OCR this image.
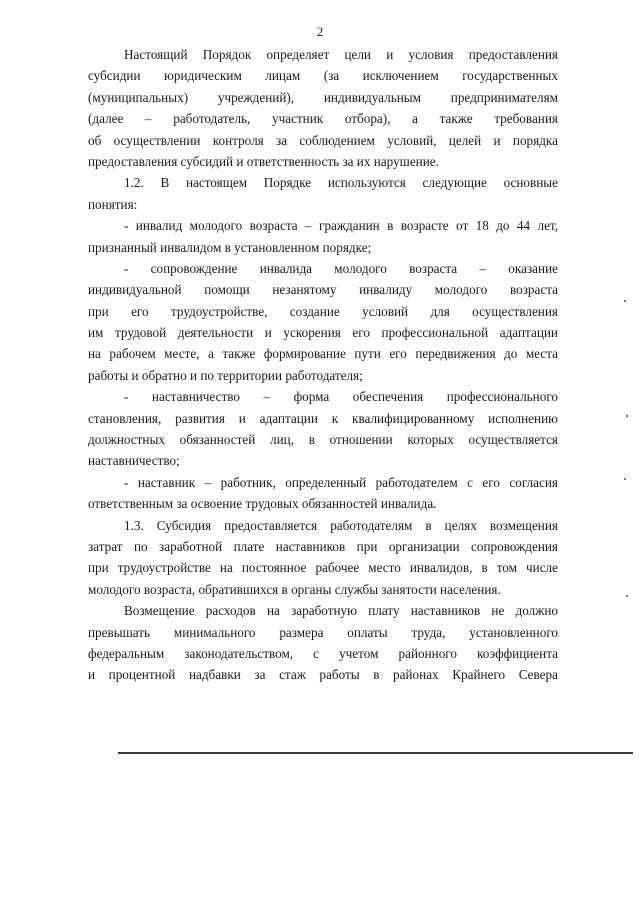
2
Настоящий Порядок определяет цели и условия предоставления
субсидии юридическим лицам (за исключением государственных
(муниципальных) учреждений), индивидуальным предпринимателям
(далее – работодатель, участник отбора), а также требования
об осуществлении контроля за соблюдением условий, целей и порядка
предоставления субсидий и ответственность за их нарушение.
1.2. В настоящем Порядке используются следующие основные
понятия:
- инвалид молодого возраста – гражданин в возрасте от 18 до 44 лет,
признанный инвалидом в установленном порядке;
- сопровождение инвалида молодого возраста – оказание
индивидуальной помощи незанятому инвалиду молодого возраста
при его трудоустройстве, создание условий для осуществления
им трудовой деятельности и ускорения его профессиональной адаптации
на рабочем месте, а также формирование пути его передвижения до места
работы и обратно и по территории работодателя;
- наставничество – форма обеспечения профессионального
становления, развития и адаптации к квалифицированному исполнению
должностных обязанностей лиц, в отношении которых осуществляется
наставничество;
- наставник – работник, определенный работодателем с его согласия
ответственным за освоение трудовых обязанностей инвалида.
1.3. Субсидия предоставляется работодателям в целях возмещения
затрат по заработной плате наставников при организации сопровождения
при трудоустройстве на постоянное рабочее место инвалидов, в том числе
молодого возраста, обратившихся в органы службы занятости населения.
Возмещение расходов на заработную плату наставников не должно
превышать минимального размера оплаты труда, установленного
федеральным законодательством, с учетом районного коэффициента
и процентной надбавки за стаж работы в районах Крайнего Севера
